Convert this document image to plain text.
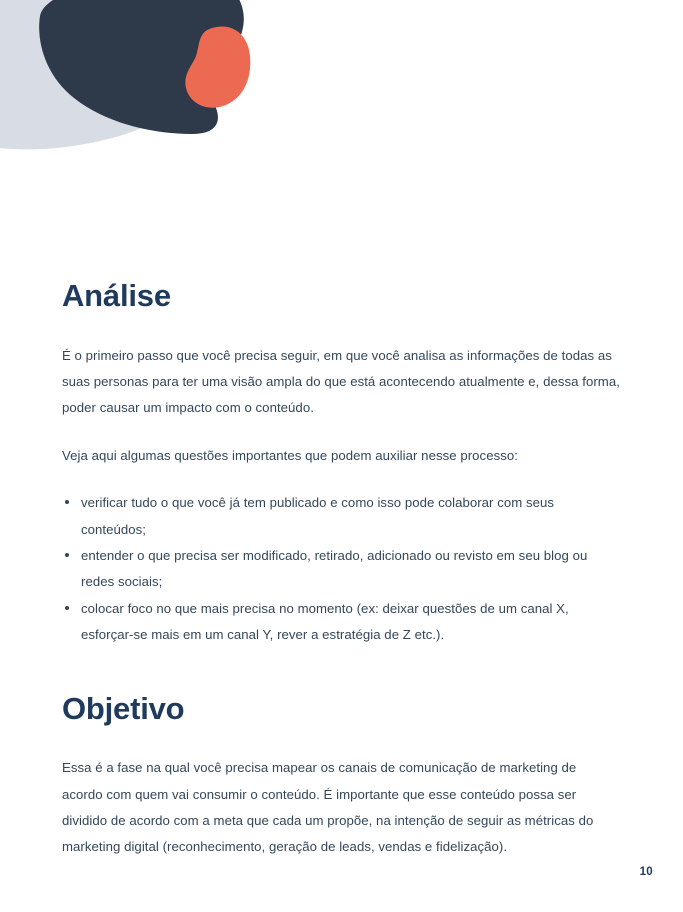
Análise

É o primeiro passo que você precisa seguir, em que você analisa as informações de todas as suas personas para ter uma visão ampla do que está acontecendo atualmente e, dessa forma, poder causar um impacto com o conteúdo.

Veja aqui algumas questões importantes que podem auxiliar nesse processo:

verificar tudo o que você já tem publicado e como isso pode colaborar com seus conteúdos;
entender o que precisa ser modificado, retirado, adicionado ou revisto em seu blog ou redes sociais;
colocar foco no que mais precisa no momento (ex: deixar questões de um canal X, esforçar-se mais em um canal Y, rever a estratégia de Z etc.).
Objetivo

Essa é a fase na qual você precisa mapear os canais de comunicação de marketing de acordo com quem vai consumir o conteúdo. É importante que esse conteúdo possa ser dividido de acordo com a meta que cada um propõe, na intenção de seguir as métricas do marketing digital (reconhecimento, geração de leads, vendas e fidelização).

10
